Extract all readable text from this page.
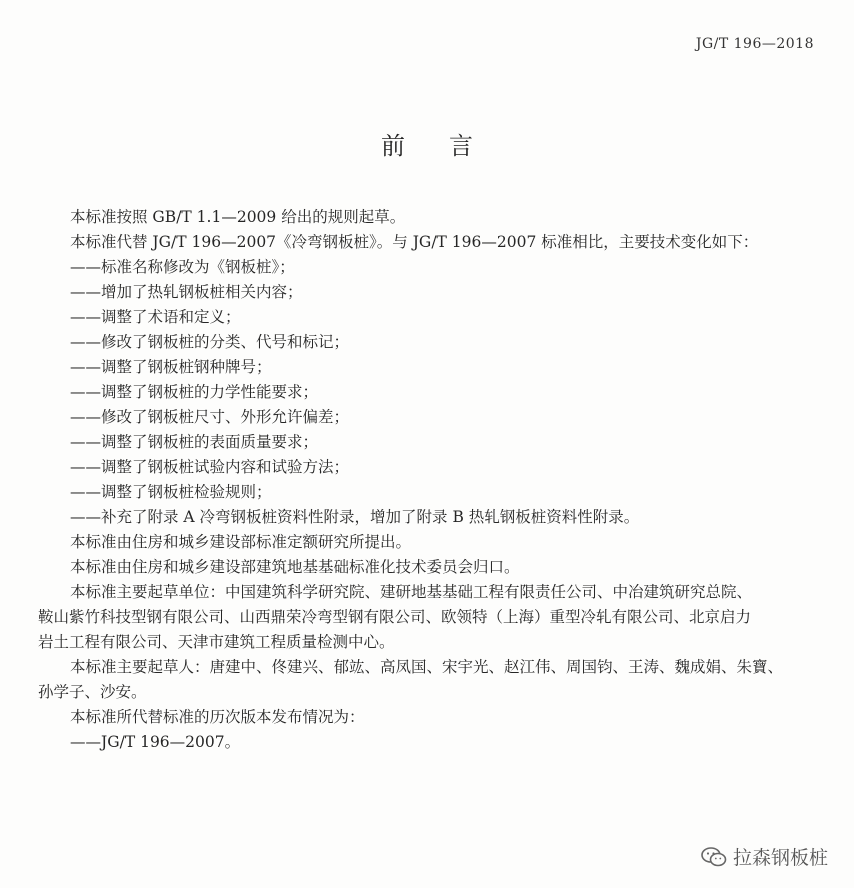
JG/T 196—2018
前言

本标准按照 GB/T 1.1—2009 给出的规则起草。

本标准代替 JG/T 196—2007《冷弯钢板桩》。与 JG/T 196—2007 标准相比，主要技术变化如下：

——标准名称修改为《钢板桩》；

——增加了热轧钢板桩相关内容；

——调整了术语和定义；

——修改了钢板桩的分类、代号和标记；

——调整了钢板桩钢种牌号；

——调整了钢板桩的力学性能要求；

——修改了钢板桩尺寸、外形允许偏差；

——调整了钢板桩的表面质量要求；

——调整了钢板桩试验内容和试验方法；

——调整了钢板桩检验规则；

——补充了附录 A 冷弯钢板桩资料性附录，增加了附录 B 热轧钢板桩资料性附录。

本标准由住房和城乡建设部标准定额研究所提出。

本标准由住房和城乡建设部建筑地基基础标准化技术委员会归口。

本标准主要起草单位：中国建筑科学研究院、建研地基基础工程有限责任公司、中冶建筑研究总院、

鞍山紫竹科技型钢有限公司、山西鼎荣冷弯型钢有限公司、欧领特（上海）重型冷轧有限公司、北京启力

岩土工程有限公司、天津市建筑工程质量检测中心。

本标准主要起草人：唐建中、佟建兴、郁竑、高凤国、宋宇光、赵江伟、周国钧、王涛、魏成娟、朱寶、

孙学子、沙安。

本标准所代替标准的历次版本发布情况为：

——JG/T 196—2007。

拉森钢板桩
